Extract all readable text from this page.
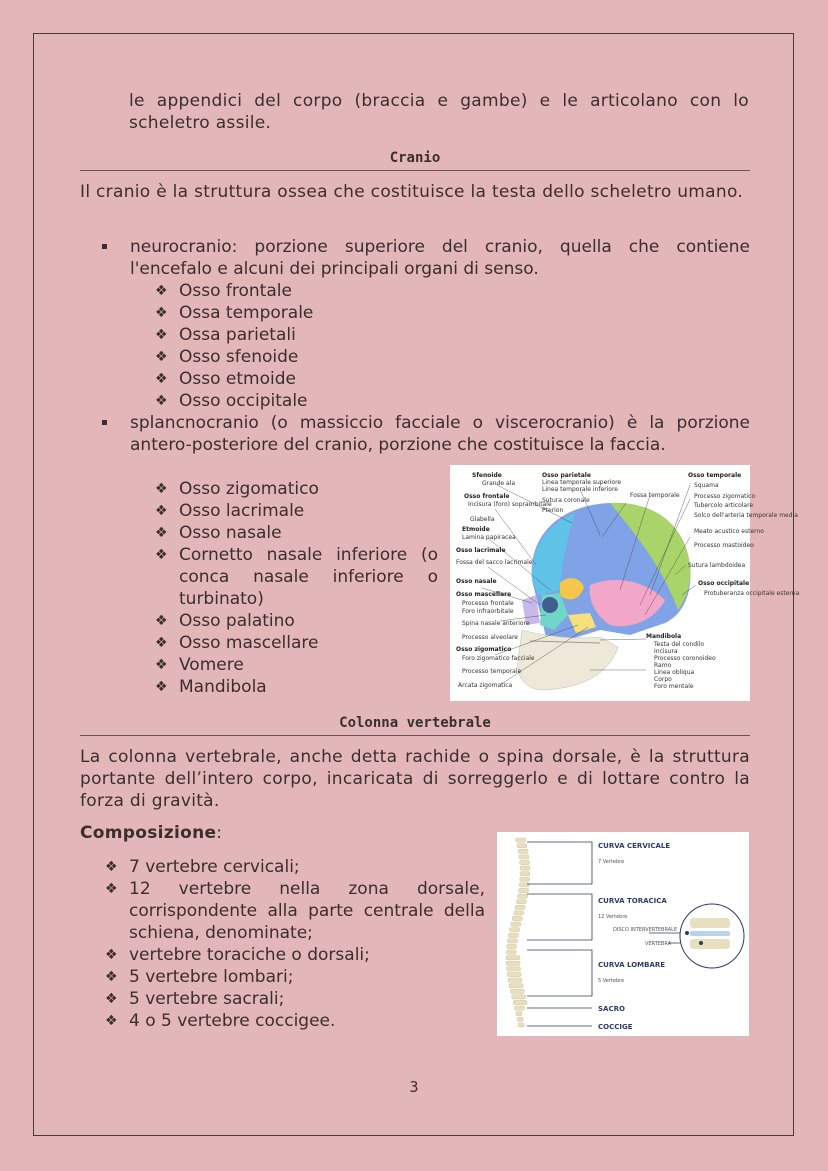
le appendici del corpo (braccia e gambe) e le articolano con lo scheletro assile.
Cranio
Il cranio è la struttura ossea che costituisce la testa dello scheletro umano.
neurocranio: porzione superiore del cranio, quella che contiene l'encefalo e alcuni dei principali organi di senso.
❖ Osso frontale
❖ Ossa temporale
❖ Ossa parietali
❖ Osso sfenoide
❖ Osso etmoide
❖ Osso occipitale
splancnocranio (o massiccio facciale o viscerocranio) è la porzione antero-posteriore del cranio, porzione che costituisce la faccia.
❖ Osso zigomatico
❖ Osso lacrimale
❖ Osso nasale
❖ Cornetto nasale inferiore (o conca nasale inferiore o turbinato)
❖ Osso palatino
❖ Osso mascellare
❖ Vomere
❖ Mandibola
Sfenoide
Grande ala
Osso frontale
Incisura (foro) sopraorbitale
Glabella
Etmoide
Lamina papiracea
Osso lacrimale
Fossa del sacco lacrimale
Osso nasale
Osso mascellare
Processo frontale
Foro infraorbitale
Spina nasale anteriore
Processo alveolare
Osso zigomatico
Foro zigomatico facciale
Processo temporale
Arcata zigomatica
Osso parietale
Linea temporale superiore
Linea temporale inferiore
Sutura coronale
Pterion
Fossa temporale
Osso temporale
Squama
Processo zigomatico
Tubercolo articolare
Solco dell'arteria temporale media
Meato acustico esterno
Processo mastoideo
Sutura lambdoidea
Osso occipitale
Protuberanza occipitale esterna
Mandibola
Testa del condilo
Incisura
Processo coronoideo
Ramo
Linea obliqua
Corpo
Foro mentale
Colonna vertebrale
La colonna vertebrale, anche detta rachide o spina dorsale, è la struttura portante dell’intero corpo, incaricata di sorreggerlo e di lottare contro la forza di gravità.
Composizione:
❖ 7 vertebre cervicali;
❖ 12 vertebre nella zona dorsale, corrispondente alla parte centrale della schiena, denominate;
❖ vertebre toraciche o dorsali;
❖ 5 vertebre lombari;
❖ 5 vertebre sacrali;
❖ 4 o 5 vertebre coccigee.
CURVA CERVICALE
7 Vertebre
CURVA TORACICA
12 Vertebre
CURVA LOMBARE
5 Vertebre
SACRO
COCCIGE
DISCO INTERVERTEBRALE
VERTEBRA
3
